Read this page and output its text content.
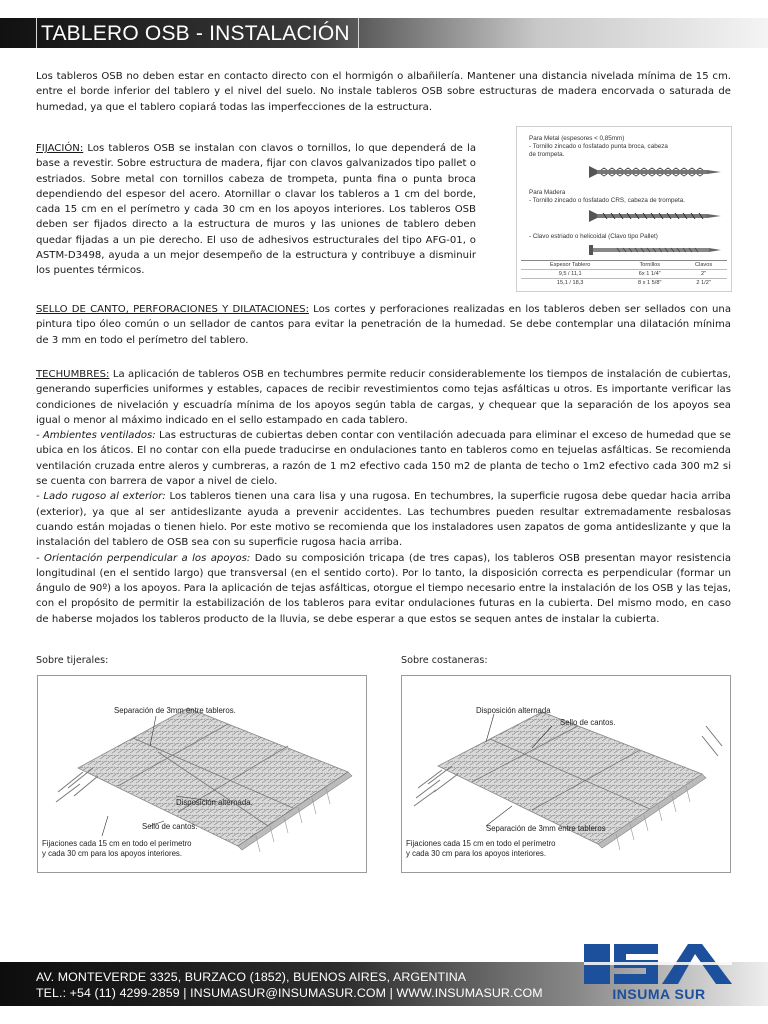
TABLERO OSB - INSTALACIÓN

Los tableros OSB no deben estar en contacto directo con el hormigón o albañilería. Mantener una distancia nivelada mínima de 15 cm. entre el borde inferior del tablero y el nivel del suelo. No instale tableros OSB sobre estructuras de madera encorvada o saturada de humedad, ya que el tablero copiará todas las imperfecciones de la estructura.

FIJACIÓN: Los tableros OSB se instalan con clavos o tornillos, lo que dependerá de la base a revestir. Sobre estructura de madera, fijar con clavos galvanizados tipo pallet o estriados. Sobre metal con tornillos cabeza de trompeta, punta fina o punta broca dependiendo del espesor del acero. Atornillar o clavar los tableros a 1 cm del borde, cada 15 cm en el perímetro y cada 30 cm en los apoyos interiores. Los tableros OSB deben ser fijados directo a la estructura de muros y las uniones de tablero deben quedar fijadas a un pie derecho. El uso de adhesivos estructurales del tipo AFG-01, o ASTM-D3498, ayuda a un mejor desempeño de la estructura y contribuye a disminuir los puentes térmicos.

Para Metal (espesores < 0,85mm)
- Tornillo zincado o fosfatado punta broca, cabeza
de trompeta.
Para Madera
- Tornillo zincado o fosfatado CRS, cabeza de trompeta.
- Clavo estriado o helicoidal (Clavo tipo Pallet)
Espesor Tablero	Tornillos	Clavos
9,5 / 11,1	6x 1 1/4"	2"
15,1 / 18,3	8 x 1 5/8"	2 1/2"

SELLO DE CANTO, PERFORACIONES Y DILATACIONES: Los cortes y perforaciones realizadas en los tableros deben ser sellados con una pintura tipo óleo común o un sellador de cantos para evitar la penetración de la humedad. Se debe contemplar una dilatación mínima de 3 mm en todo el perímetro del tablero.

TECHUMBRES: La aplicación de tableros OSB en techumbres permite reducir considerablemente los tiempos de instalación de cubiertas, generando superficies uniformes y estables, capaces de recibir revestimientos como tejas asfálticas u otros. Es importante verificar las condiciones de nivelación y escuadría mínima de los apoyos según tabla de cargas, y chequear que la separación de los apoyos sea igual o menor al máximo indicado en el sello estampado en cada tablero.

- Ambientes ventilados: Las estructuras de cubiertas deben contar con ventilación adecuada para eliminar el exceso de humedad que se ubica en los áticos. El no contar con ella puede traducirse en ondulaciones tanto en tableros como en tejuelas asfálticas. Se recomienda ventilación cruzada entre aleros y cumbreras, a razón de 1 m2 efectivo cada 150 m2 de planta de techo o 1m2 efectivo cada 300 m2 si se cuenta con barrera de vapor a nivel de cielo.

- Lado rugoso al exterior: Los tableros tienen una cara lisa y una rugosa. En techumbres, la superficie rugosa debe quedar hacia arriba (exterior), ya que al ser antideslizante ayuda a prevenir accidentes. Las techumbres pueden resultar extremadamente resbalosas cuando están mojadas o tienen hielo. Por este motivo se recomienda que los instaladores usen zapatos de goma antideslizante y que la instalación del tablero de OSB sea con su superficie rugosa hacia arriba.

- Orientación perpendicular a los apoyos: Dado su composición tricapa (de tres capas), los tableros OSB presentan mayor resistencia longitudinal (en el sentido largo) que transversal (en el sentido corto). Por lo tanto, la disposición correcta es perpendicular (formar un ángulo de 90º) a los apoyos. Para la aplicación de tejas asfálticas, otorgue el tiempo necesario entre la instalación de los OSB y las tejas, con el propósito de permitir la estabilización de los tableros para evitar ondulaciones futuras en la cubierta. Del mismo modo, en caso de haberse mojados los tableros producto de la lluvia, se debe esperar a que estos se sequen antes de instalar la cubierta.

Sobre tijerales:	Sobre costaneras:
Separación de 3mm entre tableros.
Disposición alternada.
Sello de cantos.
Fijaciones cada 15 cm en todo el perímetro
y cada 30 cm para los apoyos interiores.
Disposición alternada
Sello de cantos.
Separación de 3mm entre tableros
Fijaciones cada 15 cm en todo el perímetro
y cada 30 cm para los apoyos interiores.
AV. MONTEVERDE 3325, BURZACO (1852), BUENOS AIRES, ARGENTINA
TEL.: +54 (11) 4299-2859 | INSUMASUR@INSUMASUR.COM | WWW.INSUMASUR.COM	INSUMA SUR
